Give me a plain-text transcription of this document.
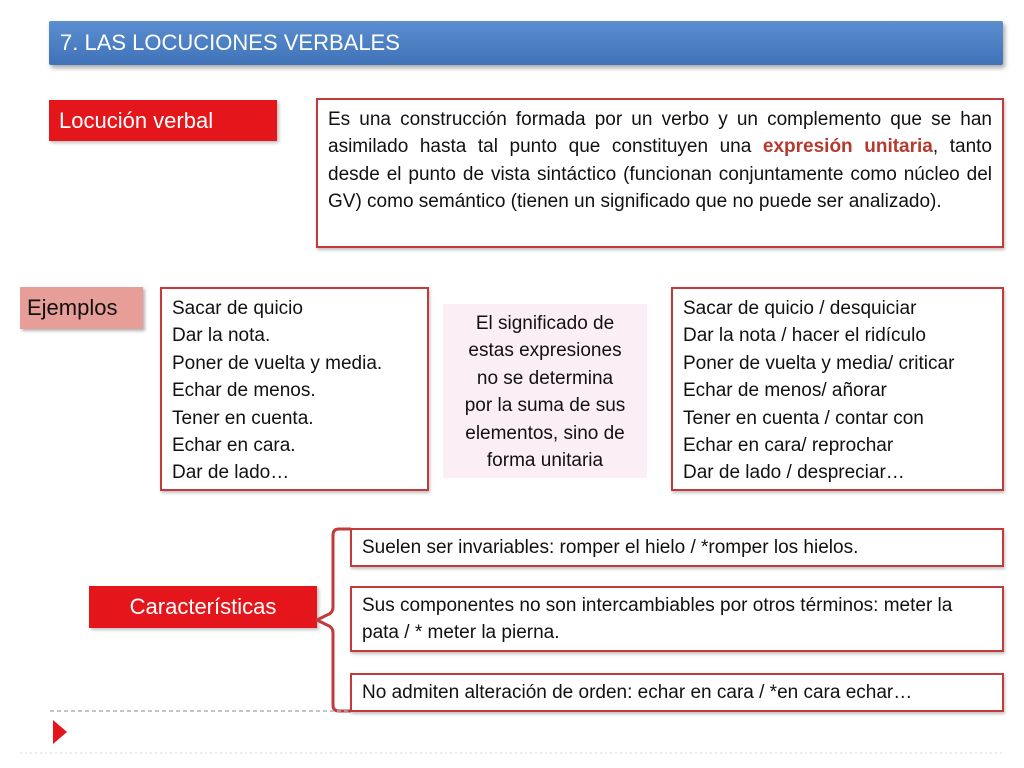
7. LAS LOCUCIONES VERBALES
Locución verbal	Es una construcción formada por un verbo y un complemento que se han asimilado hasta tal punto que constituyen una expresión unitaria, tanto desde el punto de vista sintáctico (funcionan conjuntamente como núcleo del GV) como semántico (tienen un significado que no puede ser analizado).
Ejemplos	Sacar de quicio
Dar la nota.
Poner de vuelta y media.
Echar de menos.
Tener en cuenta.
Echar en cara.
Dar de lado…
El significado de
estas expresiones
no se determina
por la suma de sus
elementos, sino de
forma unitaria
Sacar de quicio / desquiciar
Dar la nota / hacer el ridículo
Poner de vuelta y media/ criticar
Echar de menos/ añorar
Tener en cuenta / contar con
Echar en cara/ reprochar
Dar de lado / despreciar…
Características
Suelen ser invariables: romper el hielo / *romper los hielos.
Sus componentes no son intercambiables por otros términos: meter la pata / * meter la pierna.
No admiten alteración de orden: echar en cara / *en cara echar…
